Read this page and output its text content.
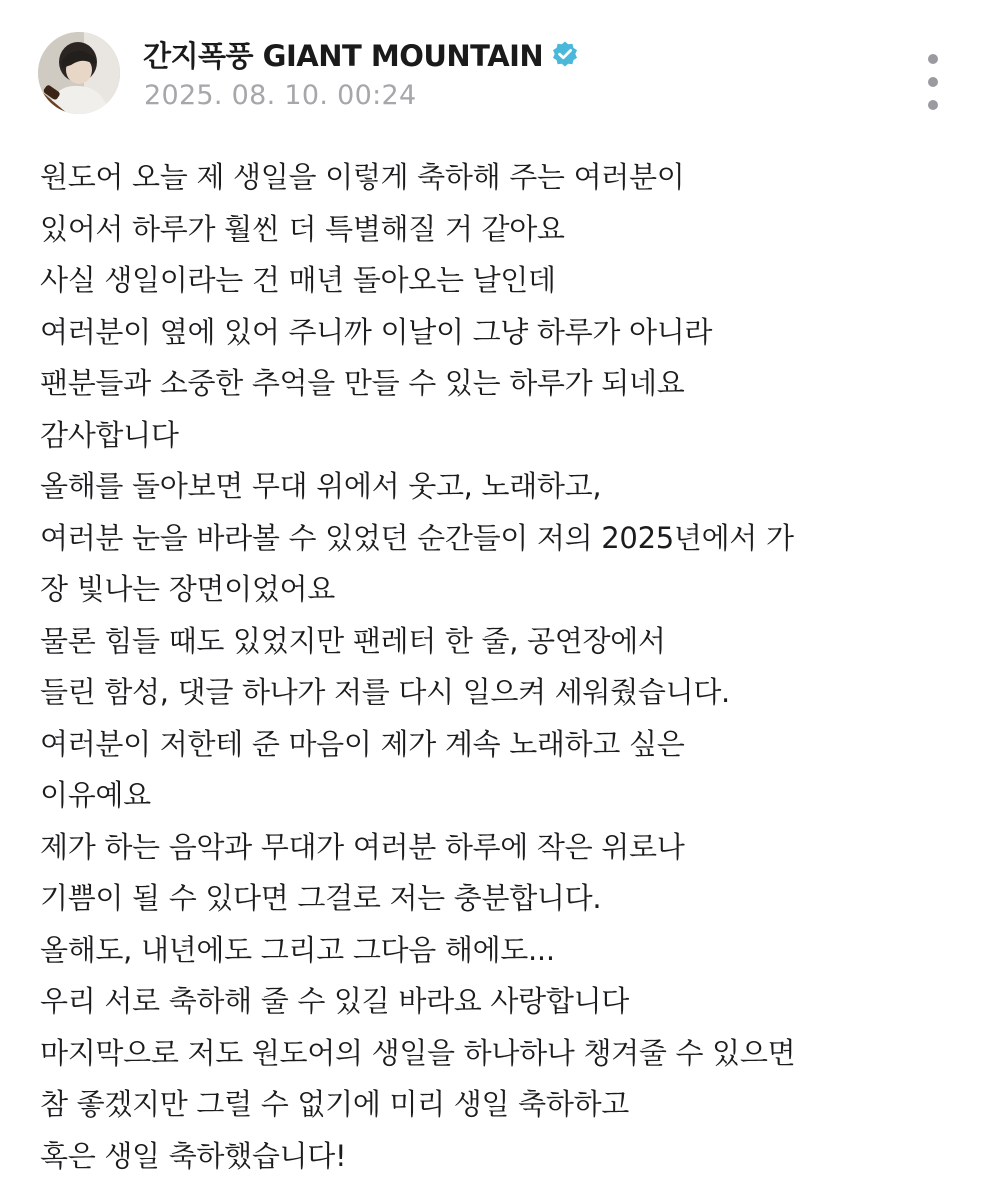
간지폭풍 GIANT MOUNTAIN
2025. 08. 10. 00:24
원도어 오늘 제 생일을 이렇게 축하해 주는 여러분이
있어서 하루가 훨씬 더 특별해질 거 같아요
사실 생일이라는 건 매년 돌아오는 날인데
여러분이 옆에 있어 주니까 이날이 그냥 하루가 아니라
팬분들과 소중한 추억을 만들 수 있는 하루가 되네요
감사합니다
올해를 돌아보면 무대 위에서 웃고, 노래하고,
여러분 눈을 바라볼 수 있었던 순간들이 저의 2025년에서 가
장 빛나는 장면이었어요
물론 힘들 때도 있었지만 팬레터 한 줄, 공연장에서
들린 함성, 댓글 하나가 저를 다시 일으켜 세워줬습니다.
여러분이 저한테 준 마음이 제가 계속 노래하고 싶은
이유예요
제가 하는 음악과 무대가 여러분 하루에 작은 위로나
기쁨이 될 수 있다면 그걸로 저는 충분합니다.
올해도, 내년에도 그리고 그다음 해에도...
우리 서로 축하해 줄 수 있길 바라요 사랑합니다
마지막으로 저도 원도어의 생일을 하나하나 챙겨줄 수 있으면
참 좋겠지만 그럴 수 없기에 미리 생일 축하하고
혹은 생일 축하했습니다!
